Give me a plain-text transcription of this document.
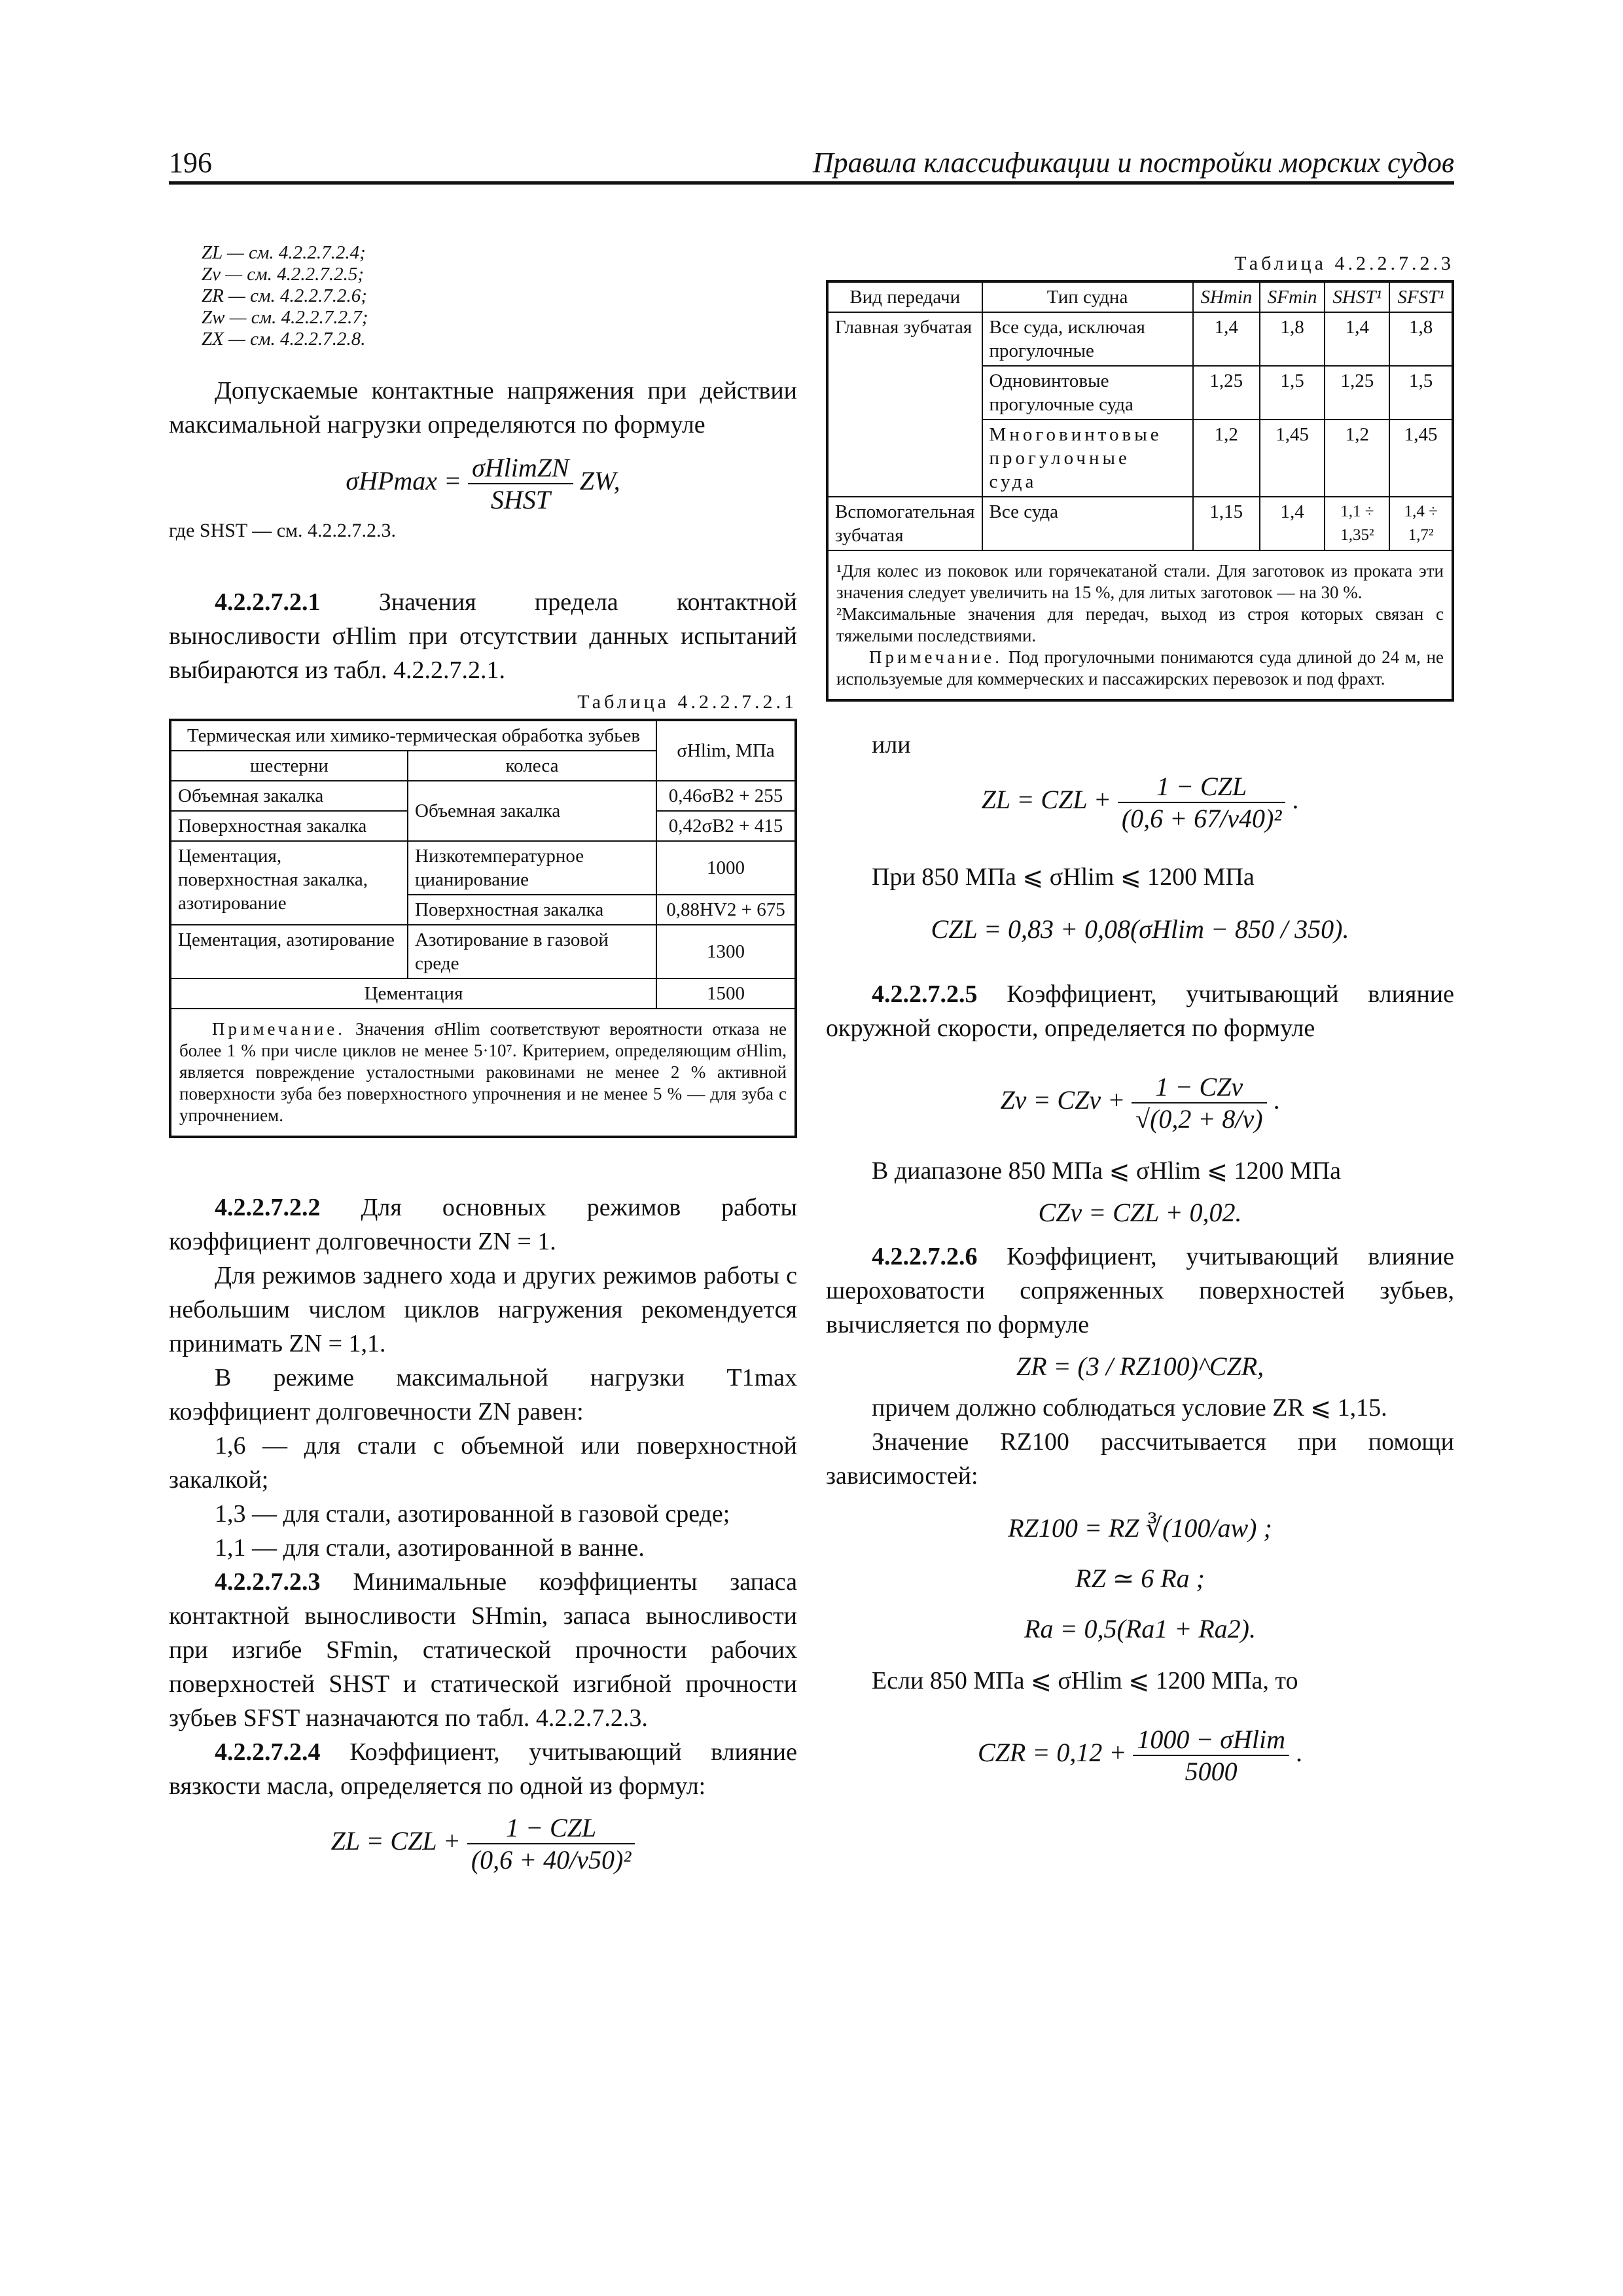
196	Правила классификации и постройки морских судов
ZL — см. 4.2.2.7.2.4;
Zv — см. 4.2.2.7.2.5;
ZR — см. 4.2.2.7.2.6;
Zw — см. 4.2.2.7.2.7;
ZX — см. 4.2.2.7.2.8.

Допускаемые контактные напряжения при действии максимальной нагрузки определяются по формуле

$\sigma HPmax = \frac{\text{σHlimZN}}{\text{SHST}}$ ZW,

где SHST — см. 4.2.2.7.2.3.

4.2.2.7.2.1 Значения предела контактной выносливости σHlim при отсутствии данных испытаний выбираются из табл. 4.2.2.7.2.1.

Таблица 4.2.2.7.2.1
Термическая или химико-термическая обработка зубьев		σHlim, МПа
шестерни	колеса	
Объемная закалка	Объемная закалка	0,46σB2 + 255
Поверхностная закалка		0,42σB2 + 415
Цементация, поверхностная закалка, азотирование	Низкотемпературное цианирование	1000
	Поверхностная закалка	0,88HV2 + 675
Цементация, азотирование	Азотирование в газовой среде	1300
Цементация		1500
Примечание. Значения σHlim соответствуют вероятности отказа не более 1 % при числе циклов не менее 5·10⁷. Критерием, определяющим σHlim, является повреждение усталостными раковинами не менее 2 % активной поверхности зуба без поверхностного упрочнения и не менее 5 % — для зуба с упрочнением.		

4.2.2.7.2.2 Для основных режимов работы коэффициент долговечности ZN = 1.

Для режимов заднего хода и других режимов работы с небольшим числом циклов нагружения рекомендуется принимать ZN = 1,1.

В режиме максимальной нагрузки T1max коэффициент долговечности ZN равен:

1,6 — для стали с объемной или поверхностной закалкой;

1,3 — для стали, азотированной в газовой среде;

1,1 — для стали, азотированной в ванне.

4.2.2.7.2.3 Минимальные коэффициенты запаса контактной выносливости SHmin, запаса выносливости при изгибе SFmin, статической прочности рабочих поверхностей SHST и статической изгибной прочности зубьев SFST назначаются по табл. 4.2.2.7.2.3.

4.2.2.7.2.4 Коэффициент, учитывающий влияние вязкости масла, определяется по одной из формул:

ZL = CZL + $\frac{\text{1 − CZL}}{\text{(0,6 + 40/v50)²}}$
Таблица 4.2.2.7.2.3
Вид передачи	Тип судна	SHmin	SFmin	SHST¹	SFST¹
Главная зубчатая	Все суда, исключая прогулочные	1,4	1,8	1,4	1,8
	Одновинтовые прогулочные суда	1,25	1,5	1,25	1,5
	Многовинтовые прогулочные суда	1,2	1,45	1,2	1,45
Вспомогательная зубчатая	Все суда	1,15	1,4	1,1 ÷ 1,35²	1,4 ÷ 1,7²

¹Для колес из поковок или горячекатаной стали. Для заготовок из проката эти значения следует увеличить на 15 %, для литых заготовок — на 30 %.
²Максимальные значения для передач, выход из строя которых связан с тяжелыми последствиями.
Примечание. Под прогулочными понимаются суда длиной до 24 м, не используемые для коммерческих и пассажирских перевозок и под фрахт.					

или

ZL = CZL + $\frac{\text{1 − CZL}}{\text{(0,6 + 67/v40)²}}$ .

При 850 МПа ⩽ σHlim ⩽ 1200 МПа

CZL = 0,83 + 0,08(σHlim − 850 / 350).

4.2.2.7.2.5 Коэффициент, учитывающий влияние окружной скорости, определяется по формуле

Zv = CZv + $\frac{\text{1 − CZv}}{√(0,2 + 8/v)}$ .

В диапазоне 850 МПа ⩽ σHlim ⩽ 1200 МПа

CZv = CZL + 0,02.

4.2.2.7.2.6 Коэффициент, учитывающий влияние шероховатости сопряженных поверхностей зубьев, вычисляется по формуле

ZR = (3 / RZ100)^CZR,

причем должно соблюдаться условие ZR ⩽ 1,15.

Значение RZ100 рассчитывается при помощи зависимостей:

RZ100 = RZ ∛(100/aw) ;
RZ ≃ 6 Ra ;
Ra = 0,5(Ra1 + Ra2).

Если 850 МПа ⩽ σHlim ⩽ 1200 МПа, то

CZR = $0,12 + \frac{1000 - \sigma Hlim}{5000}$ .
